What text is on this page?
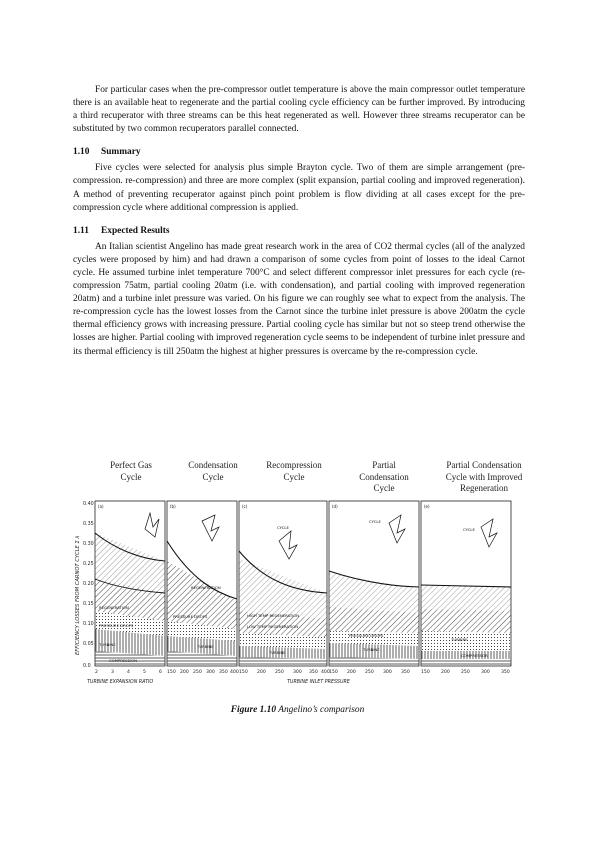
For particular cases when the pre-compressor outlet temperature is above the main compressor outlet temperature there is an available heat to regenerate and the partial cooling cycle efficiency can be further improved. By introducing a third recuperator with three streams can be this heat regenerated as well. However three streams recuperator can be substituted by two common recuperators parallel connected.

1.10 Summary

Five cycles were selected for analysis plus simple Brayton cycle. Two of them are simple arrangement (pre-compression. re-compression) and three are more complex (split expansion, partial cooling and improved regeneration). A method of preventing recuperator against pinch point problem is flow dividing at all cases except for the pre-compression cycle where additional compression is applied.

1.11 Expected Results

An Italian scientist Angelino has made great research work in the area of CO2 thermal cycles (all of the analyzed cycles were proposed by him) and had drawn a comparison of some cycles from point of losses to the ideal Carnot cycle. He assumed turbine inlet temperature 700°C and select different compressor inlet pressures for each cycle (re-compression 75atm, partial cooling 20atm (i.e. with condensation), and partial cooling with improved regeneration 20atm) and a turbine inlet pressure was varied. On his figure we can roughly see what to expect from the analysis. The re-compression cycle has the lowest losses from the Carnot since the turbine inlet pressure is above 200atm the cycle thermal efficiency grows with increasing pressure. Partial cooling cycle has similar but not so steep trend otherwise the losses are higher. Partial cooling with improved regeneration cycle seems to be independent of turbine inlet pressure and its thermal efficiency is till 250atm the highest at higher pressures is overcame by the re-compression cycle.

Perfect Gas
Cycle
Condensation
Cycle
Recompression
Cycle
Partial
Condensation
Cycle
Partial Condensation
Cycle with Improved
Regeneration
EFFICIENCY LOSSES FROM CARNOT CYCLE Σ λ
0.40
0.35
0.30
0.25
0.20
0.15
0.10
0.05
0.0
REGENERATION
PRESSURE DROPS
TURBINE
COMPRESSION
(a)
REGENERATION
PRESSURE DROPS
TURBINE
(b)
CYCLE
HIGH TEMP REGENERATION
LOW TEMP REGENERATION
TURBINE
(c)
CYCLE
PRESSURE DROPS
TURBINE
(d)
CYCLE
COMPRESSOR
TURBINE
(e)
2	3	4	5	6 150 200 250 300 350 400 150 200 250 300 350 400 150 200 250 300 350 150 200 250 300 350
TURBINE EXPANSION RATIO	TURBINE INLET PRESSURE
Figure 1.10 Angelino’s comparison
